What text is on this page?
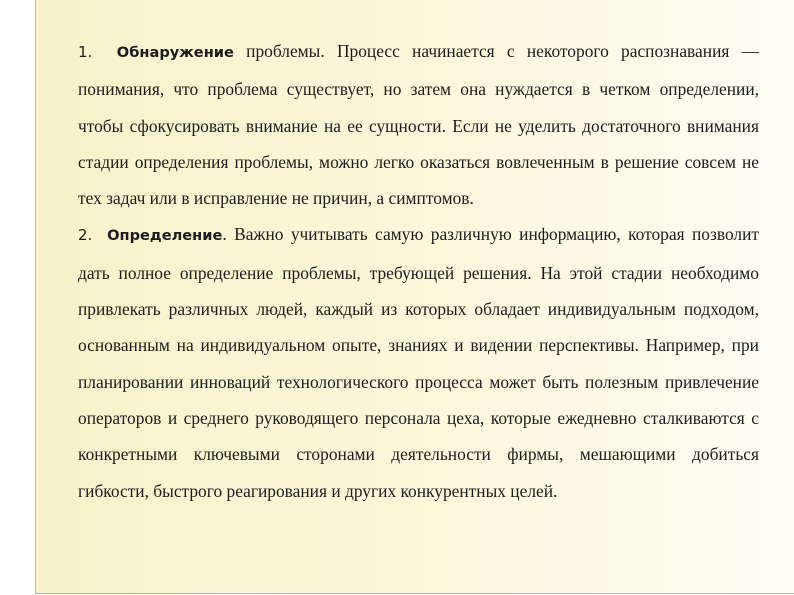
1. Обнаружение проблемы. Процесс начинается с некоторого распознавания — понимания, что проблема существует, но затем она нуждается в четком определении, чтобы сфокусировать внимание на ее сущности. Если не уделить достаточного внимания стадии определения проблемы, можно легко оказаться вовлеченным в решение совсем не тех задач или в исправление не причин, а симптомов.

2. Определение. Важно учитывать самую различную информацию, которая позволит дать полное определение проблемы, требующей решения. На этой стадии необходимо привлекать различных людей, каждый из которых обладает индивидуальным подходом, основанным на индивидуальном опыте, знаниях и видении перспективы. Например, при планировании инноваций технологического процесса может быть полезным привлечение операторов и среднего руководящего персонала цеха, которые ежедневно сталкиваются с конкретными ключевыми сторонами деятельности фирмы, мешающими добиться гибкости, быстрого реагирования и других конкурентных целей.
